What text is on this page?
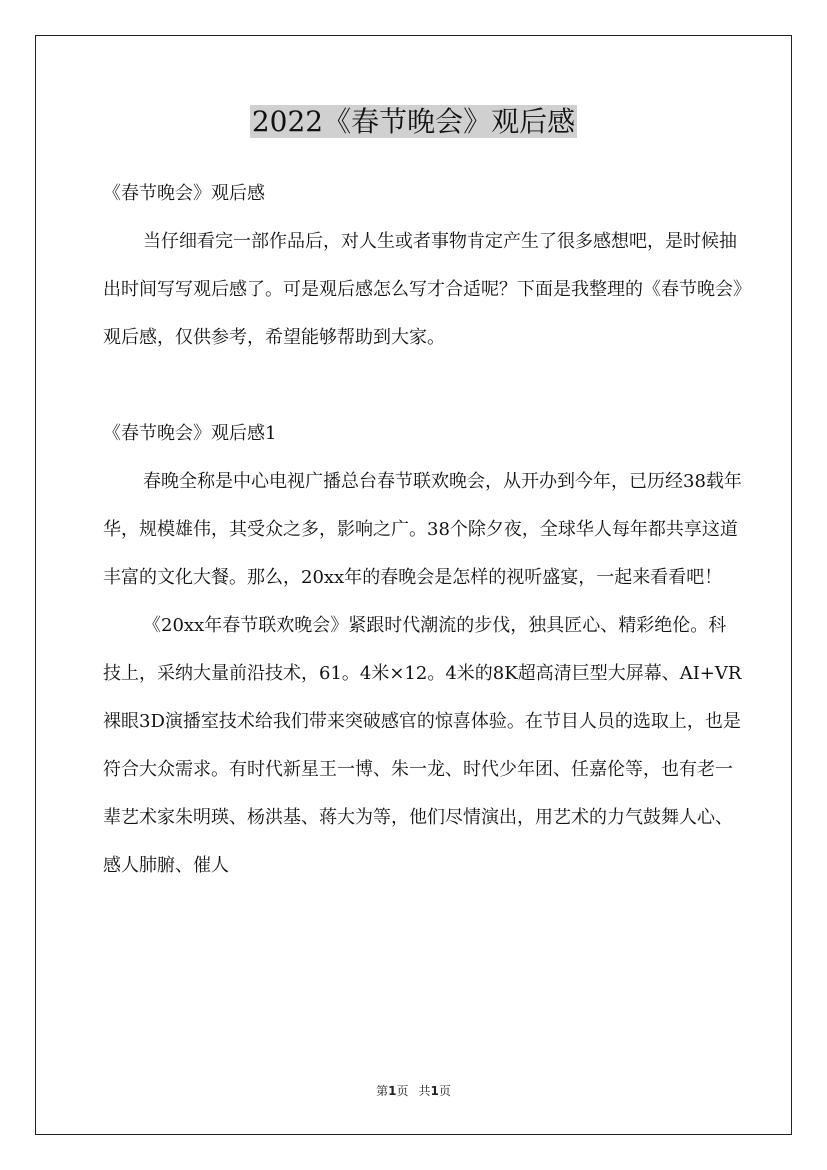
2022《春节晚会》观后感

《春节晚会》观后感

当仔细看完一部作品后，对人生或者事物肯定产生了很多感想吧，是时候抽出时间写写观后感了。可是观后感怎么写才合适呢？下面是我整理的《春节晚会》观后感，仅供参考，希望能够帮助到大家。

《春节晚会》观后感1

春晚全称是中心电视广播总台春节联欢晚会，从开办到今年，已历经38载年华，规模雄伟，其受众之多，影响之广。38个除夕夜，全球华人每年都共享这道丰富的文化大餐。那么，20xx年的春晚会是怎样的视听盛宴，一起来看看吧！

《20xx年春节联欢晚会》紧跟时代潮流的步伐，独具匠心、精彩绝伦。科技上，采纳大量前沿技术，61。4米×12。4米的8K超高清巨型大屏幕、AI+VR裸眼3D演播室技术给我们带来突破感官的惊喜体验。在节目人员的选取上，也是符合大众需求。有时代新星王一博、朱一龙、时代少年团、任嘉伦等，也有老一辈艺术家朱明瑛、杨洪基、蒋大为等，他们尽情演出，用艺术的力气鼓舞人心、感人肺腑、催人

第1页 共1页
